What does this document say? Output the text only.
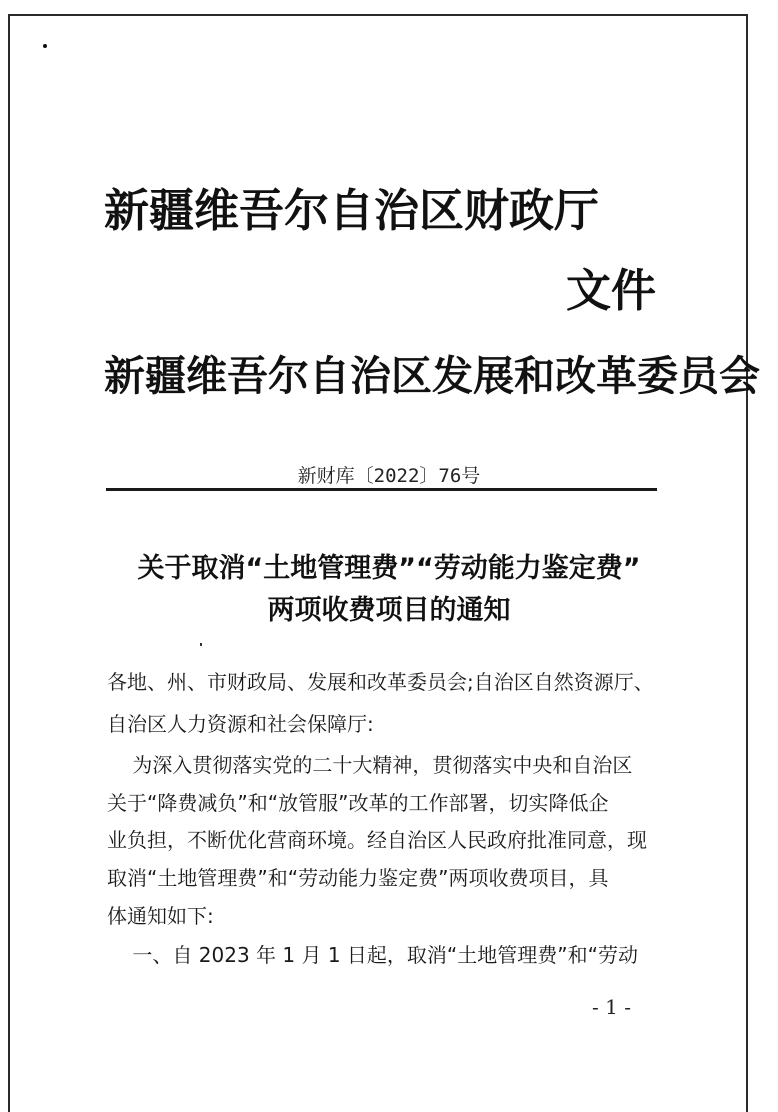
新疆维吾尔自治区财政厅
文件
新疆维吾尔自治区发展和改革委员会
新财库〔2022〕76号
关于取消“土地管理费”“劳动能力鉴定费”
两项收费项目的通知
各地、州、市财政局、发展和改革委员会;自治区自然资源厅、
自治区人力资源和社会保障厅:
为深入贯彻落实党的二十大精神，贯彻落实中央和自治区
关于“降费减负”和“放管服”改革的工作部署，切实降低企
业负担，不断优化营商环境。经自治区人民政府批准同意，现
取消“土地管理费”和“劳动能力鉴定费”两项收费项目，具
体通知如下:
一、自 2023 年 1 月 1 日起，取消“土地管理费”和“劳动
- 1 -
